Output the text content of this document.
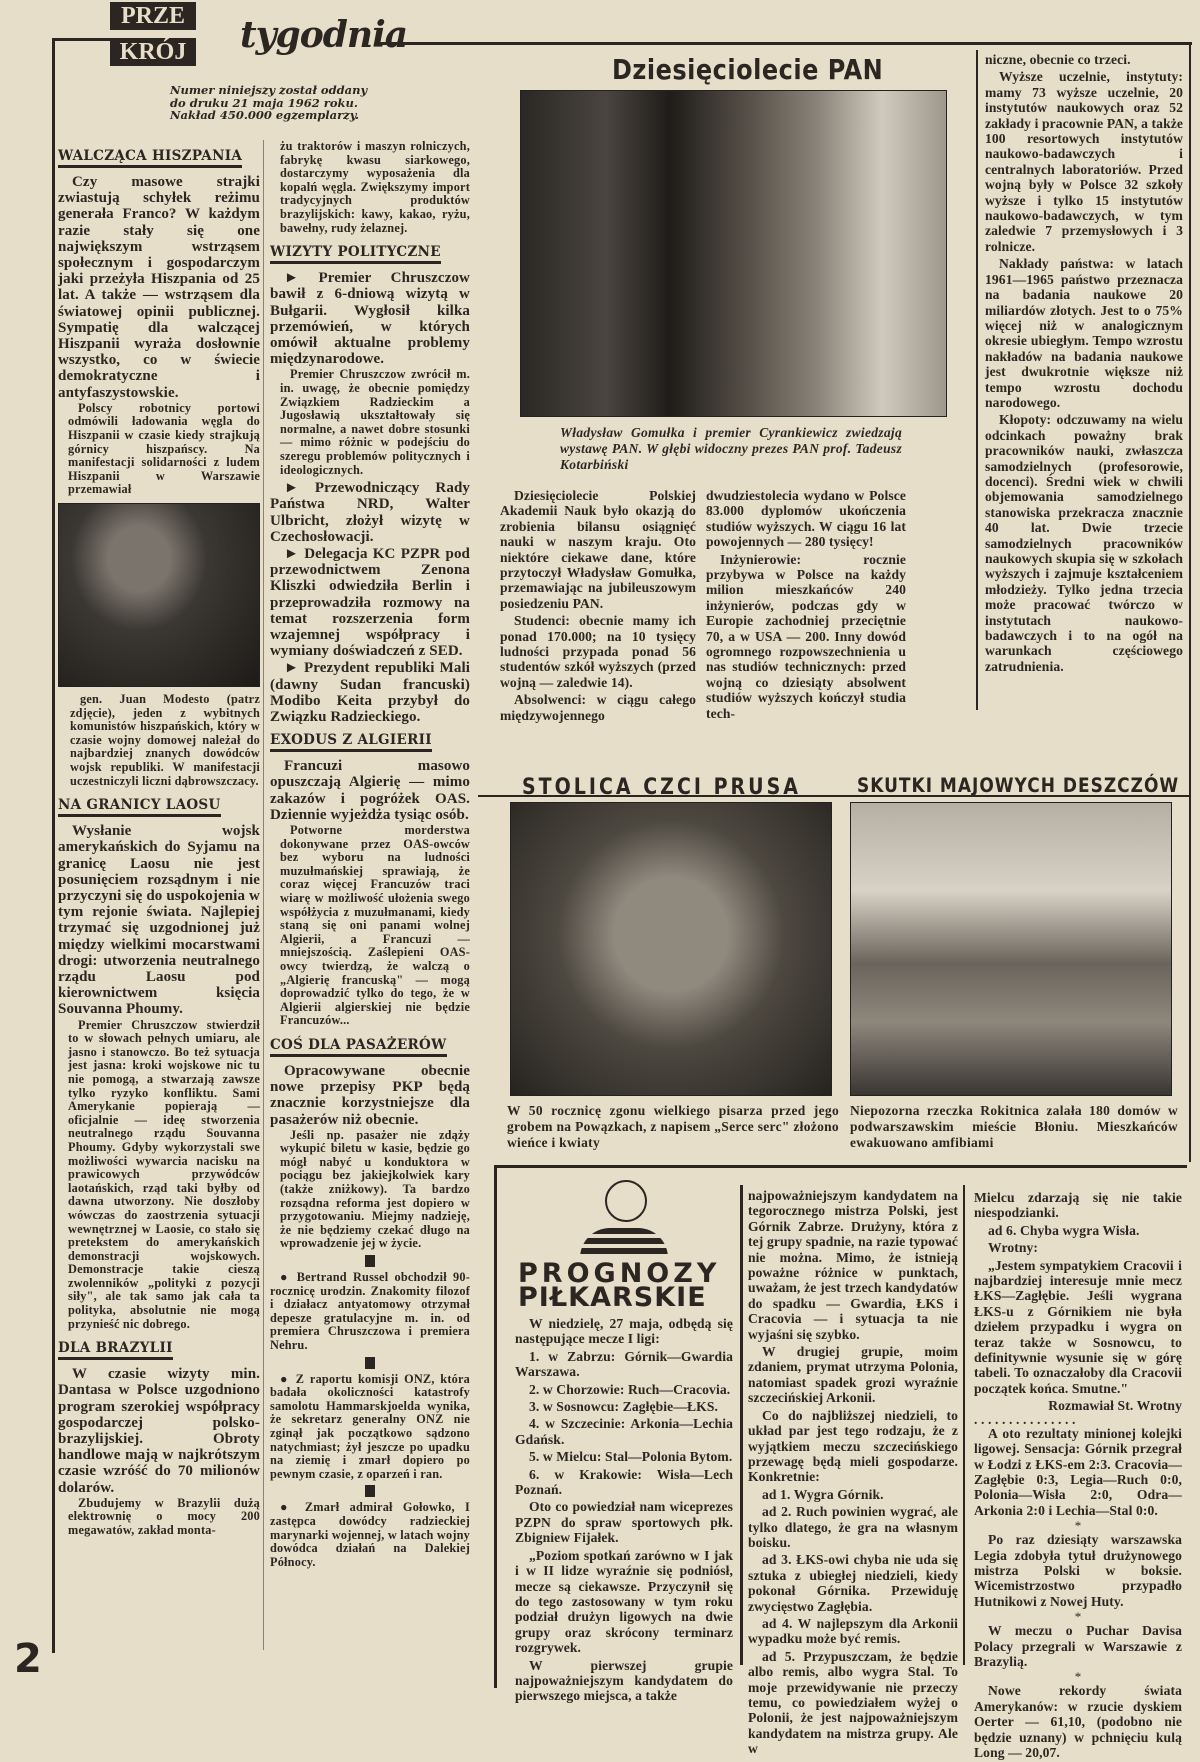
PRZE
KRÓJ tygodnia
Numer niniejszy został oddany
do druku 21 maja 1962 roku.
Nakład 450.000 egzemplarzy.
WALCZĄCA HISZPANIA

Czy masowe strajki zwiastują schyłek reżimu generała Franco? W każdym razie stały się one największym wstrząsem społecznym i gospodarczym jaki przeżyła Hiszpania od 25 lat. A także — wstrząsem dla światowej opinii publicznej. Sympatię dla walczącej Hiszpanii wyraża dosłownie wszystko, co w świecie demokratyczne i antyfaszystowskie.

Polscy robotnicy portowi odmówili ładowania węgla do Hiszpanii w czasie kiedy strajkują górnicy hiszpańscy. Na manifestacji solidarności z ludem Hiszpanii w Warszawie przemawiał

gen. Juan Modesto (patrz zdjęcie), jeden z wybitnych komunistów hiszpańskich, który w czasie wojny domowej należał do najbardziej znanych dowódców wojsk republiki. W manifestacji uczestniczyli liczni dąbrowszczacy.

NA GRANICY LAOSU

Wysłanie wojsk amerykańskich do Syjamu na granicę Laosu nie jest posunięciem rozsądnym i nie przyczyni się do uspokojenia w tym rejonie świata. Najlepiej trzymać się uzgodnionej już między wielkimi mocarstwami drogi: utworzenia neutralnego rządu Laosu pod kierownictwem księcia Souvanna Phoumy.

Premier Chruszczow stwierdził to w słowach pełnych umiaru, ale jasno i stanowczo. Bo też sytuacja jest jasna: kroki wojskowe nic tu nie pomogą, a stwarzają zawsze tylko ryzyko konfliktu. Sami Amerykanie popierają — oficjalnie — ideę stworzenia neutralnego rządu Souvanna Phoumy. Gdyby wykorzystali swe możliwości wywarcia nacisku na prawicowych przywódców laotańskich, rząd taki byłby od dawna utworzony. Nie doszłoby wówczas do zaostrzenia sytuacji wewnętrznej w Laosie, co stało się pretekstem do amerykańskich demonstracji wojskowych. Demonstracje takie cieszą zwolenników „polityki z pozycji siły", ale tak samo jak cała ta polityka, absolutnie nie mogą przynieść nic dobrego.

DLA BRAZYLII

W czasie wizyty min. Dantasa w Polsce uzgodniono program szerokiej współpracy gospodarczej polsko-brazylijskiej. Obroty handlowe mają w najkrótszym czasie wzróść do 70 milionów dolarów.

Zbudujemy w Brazylii dużą elektrownię o mocy 200 megawatów, zakład monta-

żu traktorów i maszyn rolniczych, fabrykę kwasu siarkowego, dostarczymy wyposażenia dla kopalń węgla. Zwiększymy import tradycyjnych produktów brazylijskich: kawy, kakao, ryżu, bawełny, rudy żelaznej.

WIZYTY POLITYCZNE

► Premier Chruszczow bawił z 6-dniową wizytą w Bułgarii. Wygłosił kilka przemówień, w których omówił aktualne problemy międzynarodowe.

Premier Chruszczow zwrócił m. in. uwagę, że obecnie pomiędzy Związkiem Radzieckim a Jugosławią ukształtowały się normalne, a nawet dobre stosunki — mimo różnic w podejściu do szeregu problemów politycznych i ideologicznych.

► Przewodniczący Rady Państwa NRD, Walter Ulbricht, złożył wizytę w Czechosłowacji.

► Delegacja KC PZPR pod przewodnictwem Zenona Kliszki odwiedziła Berlin i przeprowadziła rozmowy na temat rozszerzenia form wzajemnej współpracy i wymiany doświadczeń z SED.

► Prezydent republiki Mali (dawny Sudan francuski) Modibo Keita przybył do Związku Radzieckiego.

EXODUS Z ALGIERII

Francuzi masowo opuszczają Algierię — mimo zakazów i pogróżek OAS. Dziennie wyjeżdża tysiąc osób.

Potworne morderstwa dokonywane przez OAS-owców bez wyboru na ludności muzułmańskiej sprawiają, że coraz więcej Francuzów traci wiarę w możliwość ułożenia swego współżycia z muzułmanami, kiedy staną się oni panami wolnej Algierii, a Francuzi — mniejszością. Zaślepieni OAS-owcy twierdzą, że walczą o „Algierię francuską" — mogą doprowadzić tylko do tego, że w Algierii algierskiej nie będzie Francuzów...

COŚ DLA PASAŻERÓW

Opracowywane obecnie nowe przepisy PKP będą znacznie korzystniejsze dla pasażerów niż obecnie.

Jeśli np. pasażer nie zdąży wykupić biletu w kasie, będzie go mógł nabyć u konduktora w pociągu bez jakiejkolwiek kary (także zniżkowy). Ta bardzo rozsądna reforma jest dopiero w przygotowaniu. Miejmy nadzieję, że nie będziemy czekać długo na wprowadzenie jej w życie.

● Bertrand Russel obchodził 90-rocznicę urodzin. Znakomity filozof i działacz antyatomowy otrzymał depesze gratulacyjne m. in. od premiera Chruszczowa i premiera Nehru.

● Z raportu komisji ONZ, która badała okoliczności katastrofy samolotu Hammarskjoelda wynika, że sekretarz generalny ONZ nie zginął jak początkowo sądzono natychmiast; żył jeszcze po upadku na ziemię i zmarł dopiero po pewnym czasie, z oparzeń i ran.

● Zmarł admirał Gołowko, I zastępca dowódcy radzieckiej marynarki wojennej, w latach wojny dowódca działań na Dalekiej Północy.

Dziesięciolecie PAN
Władysław Gomułka i premier Cyrankiewicz zwiedzają wystawę PAN. W głębi widoczny prezes PAN prof. Tadeusz Kotarbiński

Dziesięciolecie Polskiej Akademii Nauk było okazją do zrobienia bilansu osiągnięć nauki w naszym kraju. Oto niektóre ciekawe dane, które przytoczył Władysław Gomułka, przemawiając na jubileuszowym posiedzeniu PAN.

Studenci: obecnie mamy ich ponad 170.000; na 10 tysięcy ludności przypada ponad 56 studentów szkół wyższych (przed wojną — zaledwie 14).

Absolwenci: w ciągu całego międzywojennego

dwudziestolecia wydano w Polsce 83.000 dyplomów ukończenia studiów wyższych. W ciągu 16 lat powojennych — 280 tysięcy!

Inżynierowie: rocznie przybywa w Polsce na każdy milion mieszkańców 240 inżynierów, podczas gdy w Europie zachodniej przeciętnie 70, a w USA — 200. Inny dowód ogromnego rozpowszechnienia u nas studiów technicznych: przed wojną co dziesiąty absolwent studiów wyższych kończył studia tech-

niczne, obecnie co trzeci.

Wyższe uczelnie, instytuty: mamy 73 wyższe uczelnie, 20 instytutów naukowych oraz 52 zakłady i pracownie PAN, a także 100 resortowych instytutów naukowo-badawczych i centralnych laboratoriów. Przed wojną były w Polsce 32 szkoły wyższe i tylko 15 instytutów naukowo-badawczych, w tym zaledwie 7 przemysłowych i 3 rolnicze.

Nakłady państwa: w latach 1961—1965 państwo przeznacza na badania naukowe 20 miliardów złotych. Jest to o 75% więcej niż w analogicznym okresie ubiegłym. Tempo wzrostu nakładów na badania naukowe jest dwukrotnie większe niż tempo wzrostu dochodu narodowego.

Kłopoty: odczuwamy na wielu odcinkach poważny brak pracowników nauki, zwłaszcza samodzielnych (profesorowie, docenci). Średni wiek w chwili objemowania samodzielnego stanowiska przekracza znacznie 40 lat. Dwie trzecie samodzielnych pracowników naukowych skupia się w szkołach wyższych i zajmuje kształceniem młodzieży. Tylko jedna trzecia może pracować twórczo w instytutach naukowo-badawczych i to na ogół na warunkach częściowego zatrudnienia.

STOLICA CZCI PRUSA
W 50 rocznicę zgonu wielkiego pisarza przed jego grobem na Powązkach, z napisem „Serce serc" złożono wieńce i kwiaty
SKUTKI MAJOWYCH DESZCZÓW
Niepozorna rzeczka Rokitnica zalała 180 domów w podwarszawskim mieście Błoniu. Mieszkańców ewakuowano amfibiami
PROGNOZY
PIŁKARSKIE

W niedzielę, 27 maja, odbędą się następujące mecze I ligi:

1. w Zabrzu: Górnik—Gwardia Warszawa.

2. w Chorzowie: Ruch—Cracovia.

3. w Sosnowcu: Zagłębie—ŁKS.

4. w Szczecinie: Arkonia—Lechia Gdańsk.

5. w Mielcu: Stal—Polonia Bytom.

6. w Krakowie: Wisła—Lech Poznań.

Oto co powiedział nam wiceprezes PZPN do spraw sportowych płk. Zbigniew Fijałek.

„Poziom spotkań zarówno w I jak i w II lidze wyraźnie się podniósł, mecze są ciekawsze. Przyczynił się do tego zastosowany w tym roku podział drużyn ligowych na dwie grupy oraz skrócony terminarz rozgrywek.

W pierwszej grupie najpoważniejszym kandydatem do pierwszego miejsca, a także

najpoważniejszym kandydatem na tegorocznego mistrza Polski, jest Górnik Zabrze. Drużyny, która z tej grupy spadnie, na razie typować nie można. Mimo, że istnieją poważne różnice w punktach, uważam, że jest trzech kandydatów do spadku — Gwardia, ŁKS i Cracovia — i sytuacja ta nie wyjaśni się szybko.

W drugiej grupie, moim zdaniem, prymat utrzyma Polonia, natomiast spadek grozi wyraźnie szczecińskiej Arkonii.

Co do najbliższej niedzieli, to układ par jest tego rodzaju, że z wyjątkiem meczu szczecińskiego przewagę będą mieli gospodarze. Konkretnie:

ad 1. Wygra Górnik.

ad 2. Ruch powinien wygrać, ale tylko dlatego, że gra na własnym boisku.

ad 3. ŁKS-owi chyba nie uda się sztuka z ubiegłej niedzieli, kiedy pokonał Górnika. Przewiduję zwycięstwo Zagłębia.

ad 4. W najlepszym dla Arkonii wypadku może być remis.

ad 5. Przypuszczam, że będzie albo remis, albo wygra Stal. To moje przewidywanie nie przeczy temu, co powiedziałem wyżej o Polonii, że jest najpoważniejszym kandydatem na mistrza grupy. Ale w

Mielcu zdarzają się nie takie niespodzianki.

ad 6. Chyba wygra Wisła.

Wrotny:

„Jestem sympatykiem Cracovii i najbardziej interesuje mnie mecz ŁKS—Zagłębie. Jeśli wygrana ŁKS-u z Górnikiem nie była dziełem przypadku i wygra on teraz także w Sosnowcu, to definitywnie wysunie się w górę tabeli. To oznaczałoby dla Cracovii początek końca. Smutne."

Rozmawiał St. Wrotny

. . . . . . . . . . . . . . .

A oto rezultaty minionej kolejki ligowej. Sensacja: Górnik przegrał w Łodzi z ŁKS-em 2:3. Cracovia—Zagłębie 0:3, Legia—Ruch 0:0, Polonia—Wisła 2:0, Odra—Arkonia 2:0 i Lechia—Stal 0:0.

*

Po raz dziesiąty warszawska Legia zdobyła tytuł drużynowego mistrza Polski w boksie. Wicemistrzostwo przypadło Hutnikowi z Nowej Huty.

*

W meczu o Puchar Davisa Polacy przegrali w Warszawie z Brazylią.

*

Nowe rekordy świata Amerykanów: w rzucie dyskiem Oerter — 61,10, (podobno nie będzie uznany) w pchnięciu kulą Long — 20,07.

2
